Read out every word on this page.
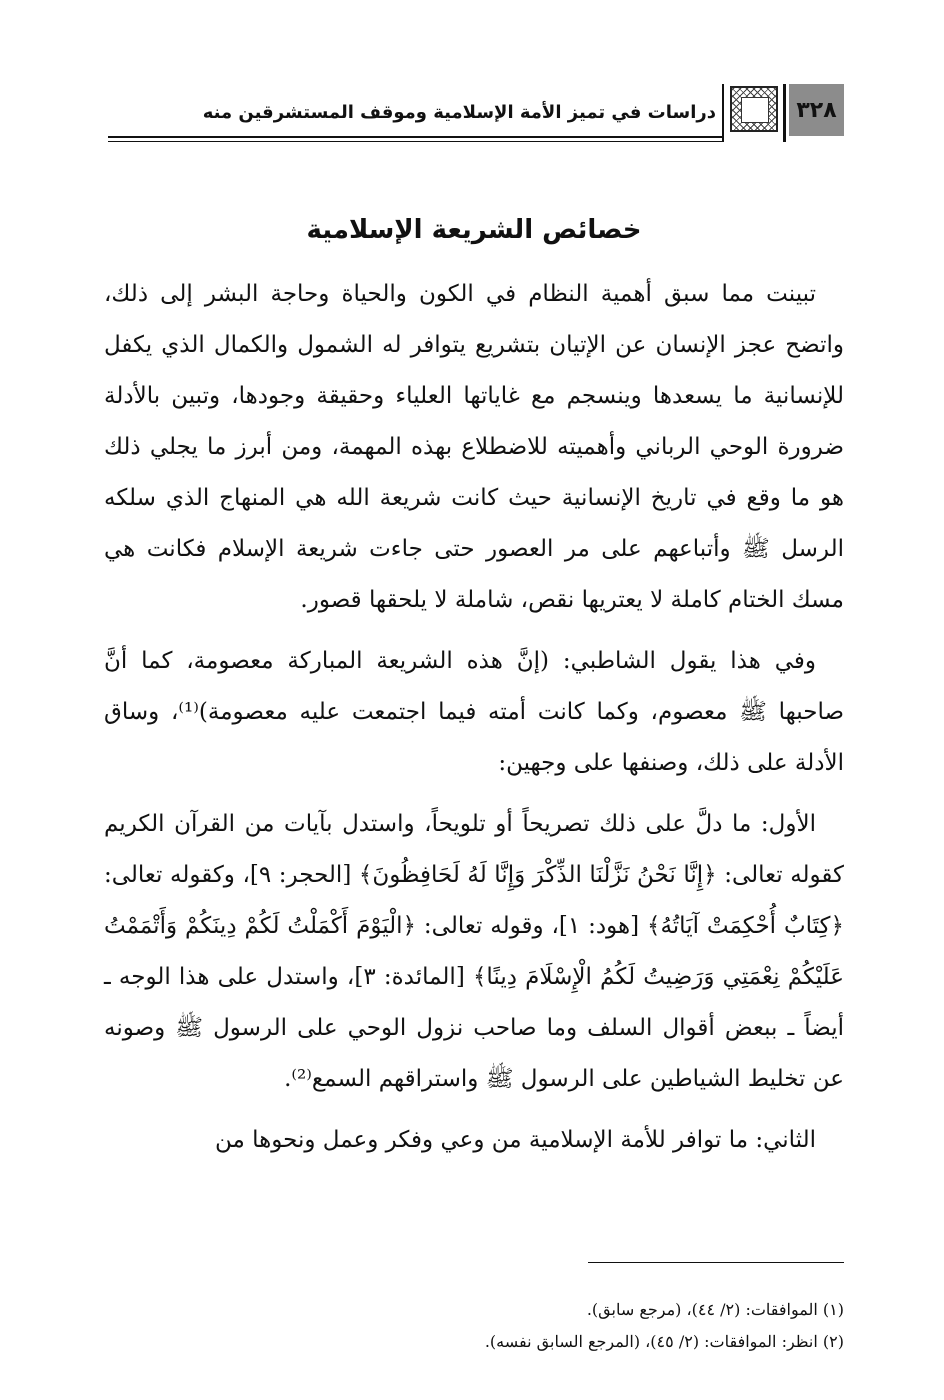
٣٢٨
دراسات في تميز الأمة الإسلامية وموقف المستشرقين منه
خصائص الشريعة الإسلامية

تبينت مما سبق أهمية النظام في الكون والحياة وحاجة البشر إلى ذلك، واتضح عجز الإنسان عن الإتيان بتشريع يتوافر له الشمول والكمال الذي يكفل للإنسانية ما يسعدها وينسجم مع غاياتها العلياء وحقيقة وجودها، وتبين بالأدلة ضرورة الوحي الرباني وأهميته للاضطلاع بهذه المهمة، ومن أبرز ما يجلي ذلك هو ما وقع في تاريخ الإنسانية حيث كانت شريعة الله هي المنهاج الذي سلكه الرسل ﷺ وأتباعهم على مر العصور حتى جاءت شريعة الإسلام فكانت هي مسك الختام كاملة لا يعتريها نقص، شاملة لا يلحقها قصور.

وفي هذا يقول الشاطبي: (إنَّ هذه الشريعة المباركة معصومة، كما أنَّ صاحبها ﷺ معصوم، وكما كانت أمته فيما اجتمعت عليه معصومة)⁽¹⁾، وساق الأدلة على ذلك، وصنفها على وجهين:

الأول: ما دلَّ على ذلك تصريحاً أو تلويحاً، واستدل بآيات من القرآن الكريم كقوله تعالى: ﴿إِنَّا نَحْنُ نَزَّلْنَا الذِّكْرَ وَإِنَّا لَهُ لَحَافِظُونَ﴾ [الحجر: ٩]، وكقوله تعالى: ﴿كِتَابٌ أُحْكِمَتْ آيَاتُهُ﴾ [هود: ١]، وقوله تعالى: ﴿الْيَوْمَ أَكْمَلْتُ لَكُمْ دِينَكُمْ وَأَتْمَمْتُ عَلَيْكُمْ نِعْمَتِي وَرَضِيتُ لَكُمُ الْإِسْلَامَ دِينًا﴾ [المائدة: ٣]، واستدل على هذا الوجه ـ أيضاً ـ ببعض أقوال السلف وما صاحب نزول الوحي على الرسول ﷺ وصونه عن تخليط الشياطين على الرسول ﷺ واستراقهم السمع⁽²⁾.

الثاني: ما توافر للأمة الإسلامية من وعي وفكر وعمل ونحوها من

(١) الموافقات: (٢/ ٤٤)، (مرجع سابق).

(٢) انظر: الموافقات: (٢/ ٤٥)، (المرجع السابق نفسه).
